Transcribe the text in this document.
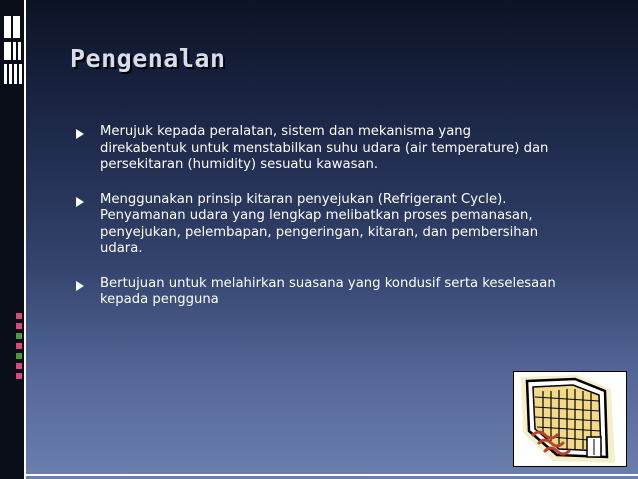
Pengenalan
Merujuk kepada peralatan, sistem dan mekanisma yang
direkabentuk untuk menstabilkan suhu udara (air temperature) dan
persekitaran (humidity) sesuatu kawasan.
Menggunakan prinsip kitaran penyejukan (Refrigerant Cycle).
Penyamanan udara yang lengkap melibatkan proses pemanasan,
penyejukan, pelembapan, pengeringan, kitaran, dan pembersihan
udara.
Bertujuan untuk melahirkan suasana yang kondusif serta keselesaan
kepada pengguna
